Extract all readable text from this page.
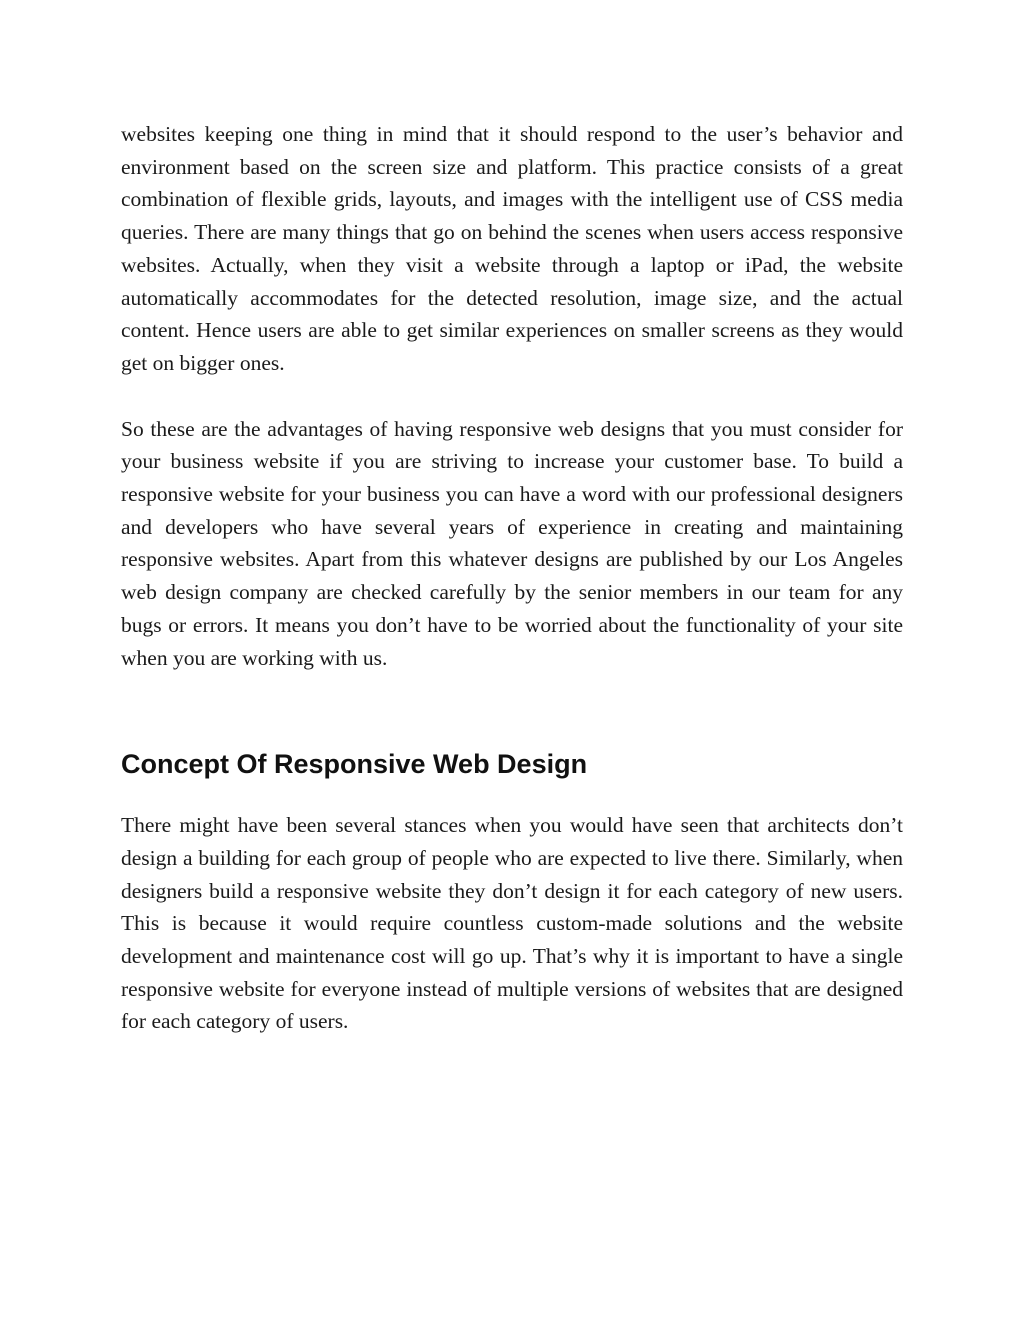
websites keeping one thing in mind that it should respond to the user’s behavior and environment based on the screen size and platform. This practice consists of a great combination of flexible grids, layouts, and images with the intelligent use of CSS media queries. There are many things that go on behind the scenes when users access responsive websites. Actually, when they visit a website through a laptop or iPad, the website automatically accommodates for the detected resolution, image size, and the actual content. Hence users are able to get similar experiences on smaller screens as they would get on bigger ones.

So these are the advantages of having responsive web designs that you must consider for your business website if you are striving to increase your customer base. To build a responsive website for your business you can have a word with our professional designers and developers who have several years of experience in creating and maintaining responsive websites. Apart from this whatever designs are published by our Los Angeles web design company are checked carefully by the senior members in our team for any bugs or errors. It means you don’t have to be worried about the functionality of your site when you are working with us.

Concept Of Responsive Web Design

There might have been several stances when you would have seen that architects don’t design a building for each group of people who are expected to live there. Similarly, when designers build a responsive website they don’t design it for each category of new users. This is because it would require countless custom-made solutions and the website development and maintenance cost will go up. That’s why it is important to have a single responsive website for everyone instead of multiple versions of websites that are designed for each category of users.
